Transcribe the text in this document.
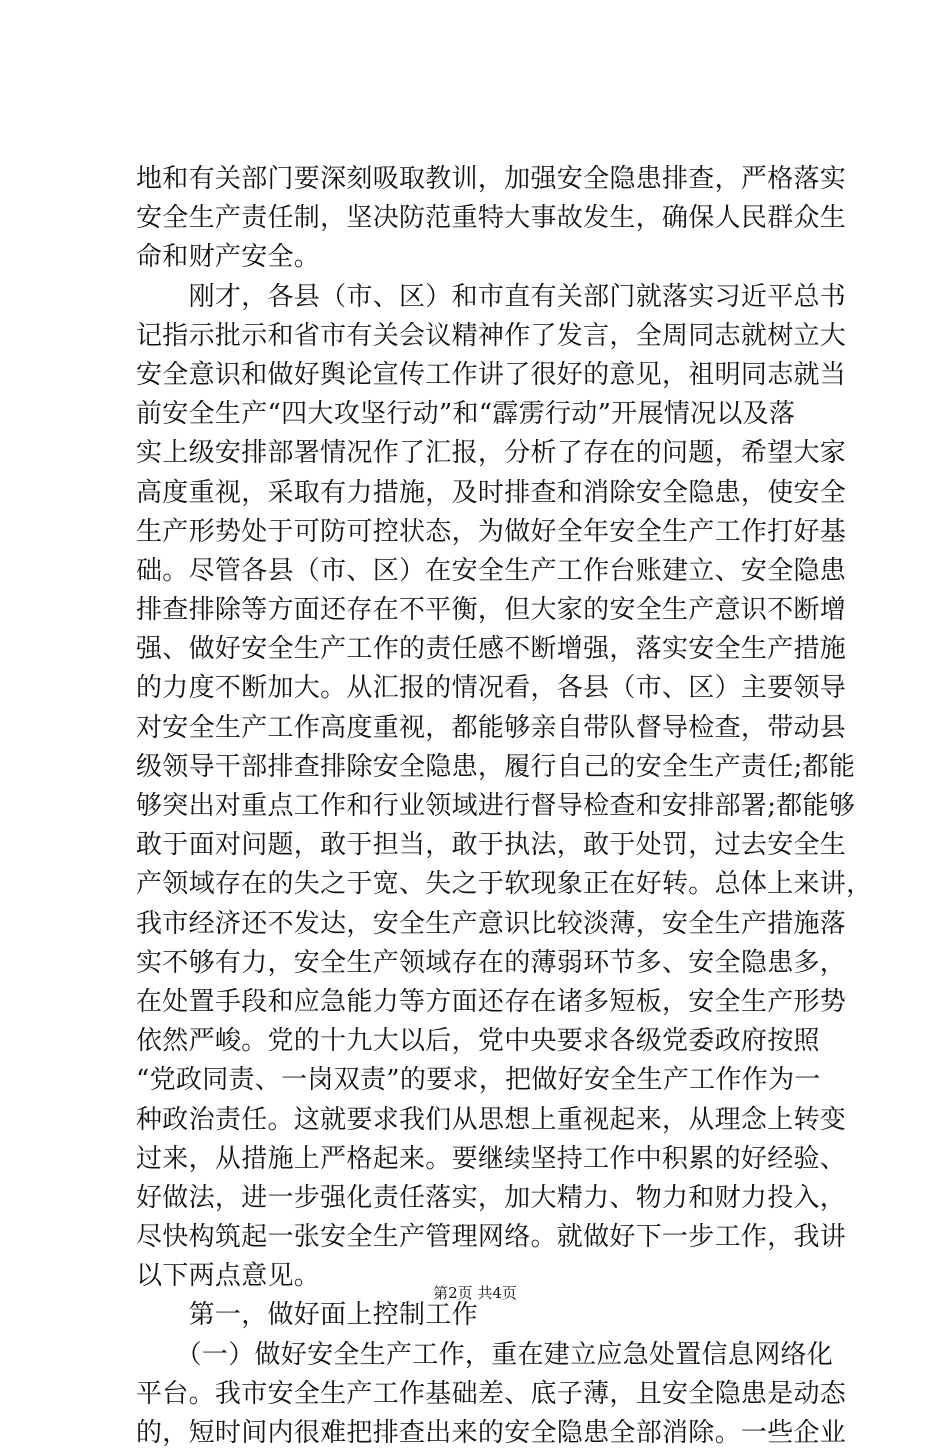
地和有关部门要深刻吸取教训，加强安全隐患排查，严格落实
安全生产责任制，坚决防范重特大事故发生，确保人民群众生
命和财产安全。
　　刚才，各县（市、区）和市直有关部门就落实习近平总书
记指示批示和省市有关会议精神作了发言，全周同志就树立大
安全意识和做好舆论宣传工作讲了很好的意见，祖明同志就当
前安全生产“四大攻坚行动”和“霹雳行动”开展情况以及落
实上级安排部署情况作了汇报，分析了存在的问题，希望大家
高度重视，采取有力措施，及时排查和消除安全隐患，使安全
生产形势处于可防可控状态，为做好全年安全生产工作打好基
础。尽管各县（市、区）在安全生产工作台账建立、安全隐患
排查排除等方面还存在不平衡，但大家的安全生产意识不断增
强、做好安全生产工作的责任感不断增强，落实安全生产措施
的力度不断加大。从汇报的情况看，各县（市、区）主要领导
对安全生产工作高度重视，都能够亲自带队督导检查，带动县
级领导干部排查排除安全隐患，履行自己的安全生产责任;都能
够突出对重点工作和行业领域进行督导检查和安排部署;都能够
敢于面对问题，敢于担当，敢于执法，敢于处罚，过去安全生
产领域存在的失之于宽、失之于软现象正在好转。总体上来讲，
我市经济还不发达，安全生产意识比较淡薄，安全生产措施落
实不够有力，安全生产领域存在的薄弱环节多、安全隐患多，
在处置手段和应急能力等方面还存在诸多短板，安全生产形势
依然严峻。党的十九大以后，党中央要求各级党委政府按照
“党政同责、一岗双责”的要求，把做好安全生产工作作为一
种政治责任。这就要求我们从思想上重视起来，从理念上转变
过来，从措施上严格起来。要继续坚持工作中积累的好经验、
好做法，进一步强化责任落实，加大精力、物力和财力投入，
尽快构筑起一张安全生产管理网络。就做好下一步工作，我讲
以下两点意见。
　　第一，做好面上控制工作
　　（一）做好安全生产工作，重在建立应急处置信息网络化
平台。我市安全生产工作基础差、底子薄，且安全隐患是动态
的，短时间内很难把排查出来的安全隐患全部消除。一些企业
第2页 共4页
